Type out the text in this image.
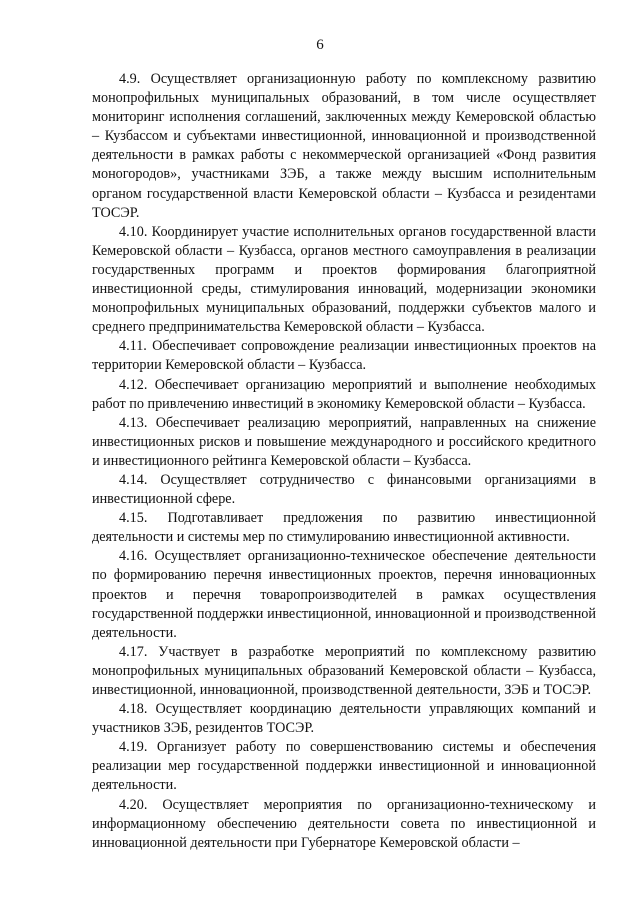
6

4.9. Осуществляет организационную работу по комплексному развитию монопрофильных муниципальных образований, в том числе осуществляет мониторинг исполнения соглашений, заключенных между Кемеровской областью – Кузбассом и субъектами инвестиционной, инновационной и производственной деятельности в рамках работы с некоммерческой организацией «Фонд развития моногородов», участниками ЗЭБ, а также между высшим исполнительным органом государственной власти Кемеровской области – Кузбасса и резидентами ТОСЭР.

4.10. Координирует участие исполнительных органов государственной власти Кемеровской области – Кузбасса, органов местного самоуправления в реализации государственных программ и проектов формирования благоприятной инвестиционной среды, стимулирования инноваций, модернизации экономики монопрофильных муниципальных образований, поддержки субъектов малого и среднего предпринимательства Кемеровской области – Кузбасса.

4.11. Обеспечивает сопровождение реализации инвестиционных проектов на территории Кемеровской области – Кузбасса.

4.12. Обеспечивает организацию мероприятий и выполнение необходимых работ по привлечению инвестиций в экономику Кемеровской области – Кузбасса.

4.13. Обеспечивает реализацию мероприятий, направленных на снижение инвестиционных рисков и повышение международного и российского кредитного и инвестиционного рейтинга Кемеровской области – Кузбасса.

4.14. Осуществляет сотрудничество с финансовыми организациями в инвестиционной сфере.

4.15. Подготавливает предложения по развитию инвестиционной деятельности и системы мер по стимулированию инвестиционной активности.

4.16. Осуществляет организационно-техническое обеспечение деятельности по формированию перечня инвестиционных проектов, перечня инновационных проектов и перечня товаропроизводителей в рамках осуществления государственной поддержки инвестиционной, инновационной и производственной деятельности.

4.17. Участвует в разработке мероприятий по комплексному развитию монопрофильных муниципальных образований Кемеровской области – Кузбасса, инвестиционной, инновационной, производственной деятельности, ЗЭБ и ТОСЭР.

4.18. Осуществляет координацию деятельности управляющих компаний и участников ЗЭБ, резидентов ТОСЭР.

4.19. Организует работу по совершенствованию системы и обеспечения реализации мер государственной поддержки инвестиционной и инновационной деятельности.

4.20. Осуществляет мероприятия по организационно-техническому и информационному обеспечению деятельности совета по инвестиционной и инновационной деятельности при Губернаторе Кемеровской области –
